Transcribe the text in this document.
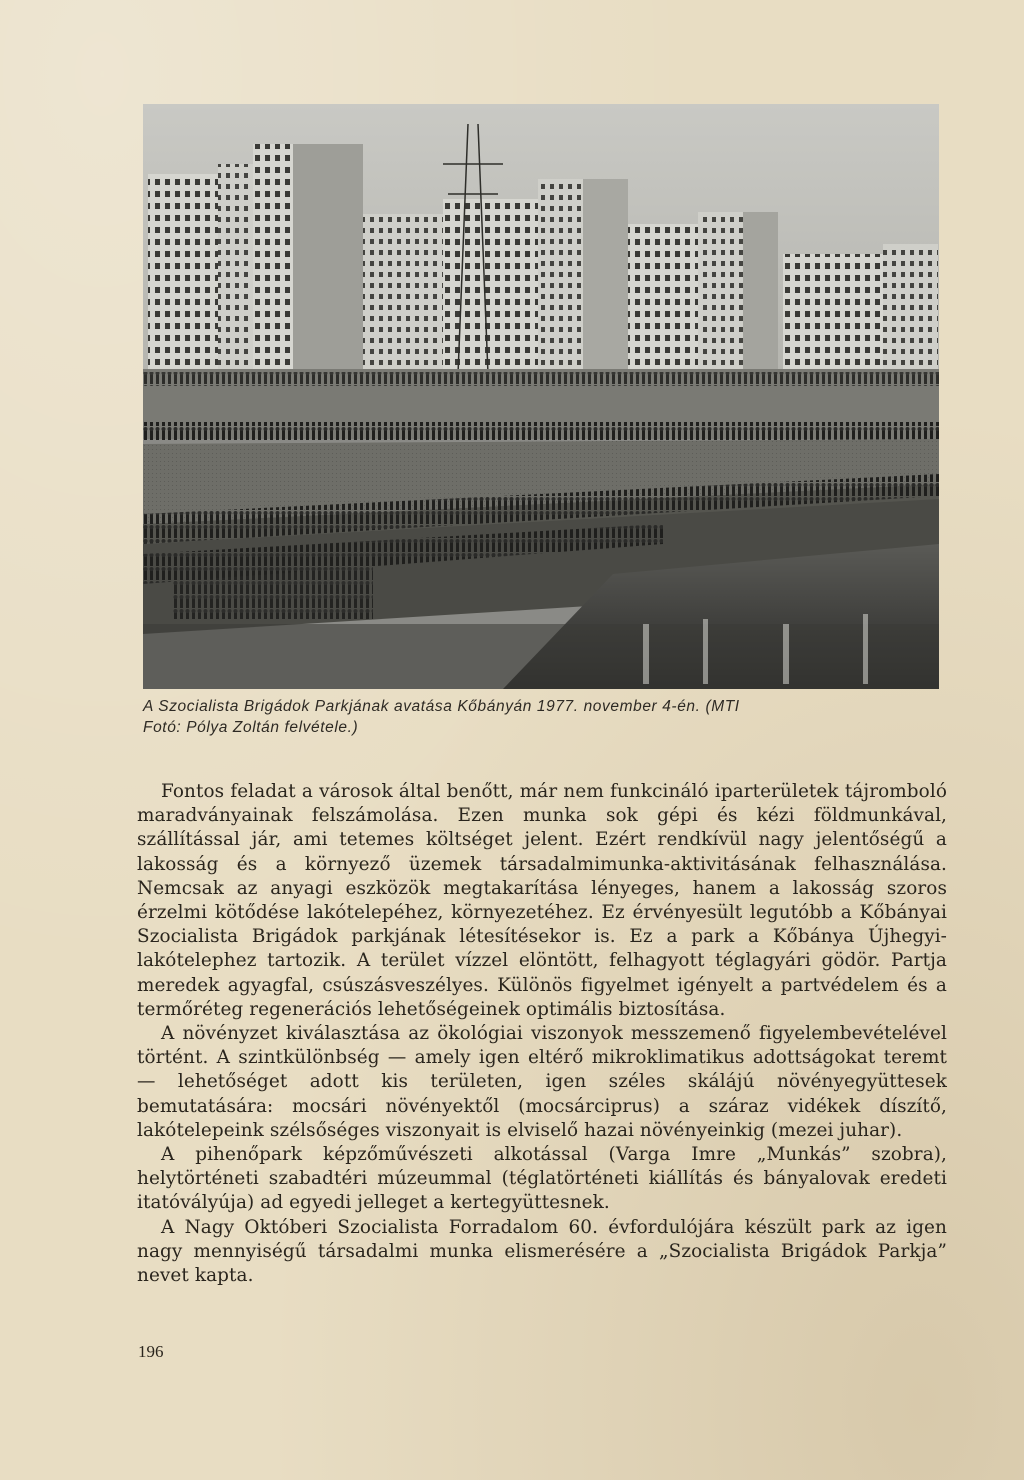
A Szocialista Brigádok Parkjának avatása Kőbányán 1977. november 4-én. (MTI
Fotó: Pólya Zoltán felvétele.)

Fontos feladat a városok által benőtt, már nem funkcináló iparterületek tájromboló maradványainak felszámolása. Ezen munka sok gépi és kézi földmunkával, szállítással jár, ami tetemes költséget jelent. Ezért rendkívül nagy jelentőségű a lakosság és a környező üzemek társadalmimunka-aktivitásának felhasználása. Nemcsak az anyagi eszközök megtakarítása lényeges, hanem a lakosság szoros érzelmi kötődése lakótelepéhez, környezetéhez. Ez érvényesült legutóbb a Kőbányai Szocialista Brigádok parkjának létesítésekor is. Ez a park a Kőbánya Újhegyi-lakótelephez tartozik. A terület vízzel elöntött, felhagyott téglagyári gödör. Partja meredek agyagfal, csúszásveszélyes. Különös figyelmet igényelt a partvédelem és a termőréteg regenerációs lehetőségeinek optimális biztosítása.

A növényzet kiválasztása az ökológiai viszonyok messzemenő figyelembevételével történt. A szintkülönbség — amely igen eltérő mikroklimatikus adottságokat teremt — lehetőséget adott kis területen, igen széles skálájú növényegyüttesek bemutatására: mocsári növényektől (mocsárciprus) a száraz vidékek díszítő, lakótelepeink szélsőséges viszonyait is elviselő hazai növényeinkig (mezei juhar).

A pihenőpark képzőművészeti alkotással (Varga Imre „Munkás” szobra), helytörténeti szabadtéri múzeummal (téglatörténeti kiállítás és bányalovak eredeti itatóvályúja) ad egyedi jelleget a kertegyüttesnek.

A Nagy Októberi Szocialista Forradalom 60. évfordulójára készült park az igen nagy mennyiségű társadalmi munka elismerésére a „Szocialista Brigádok Parkja” nevet kapta.

196
